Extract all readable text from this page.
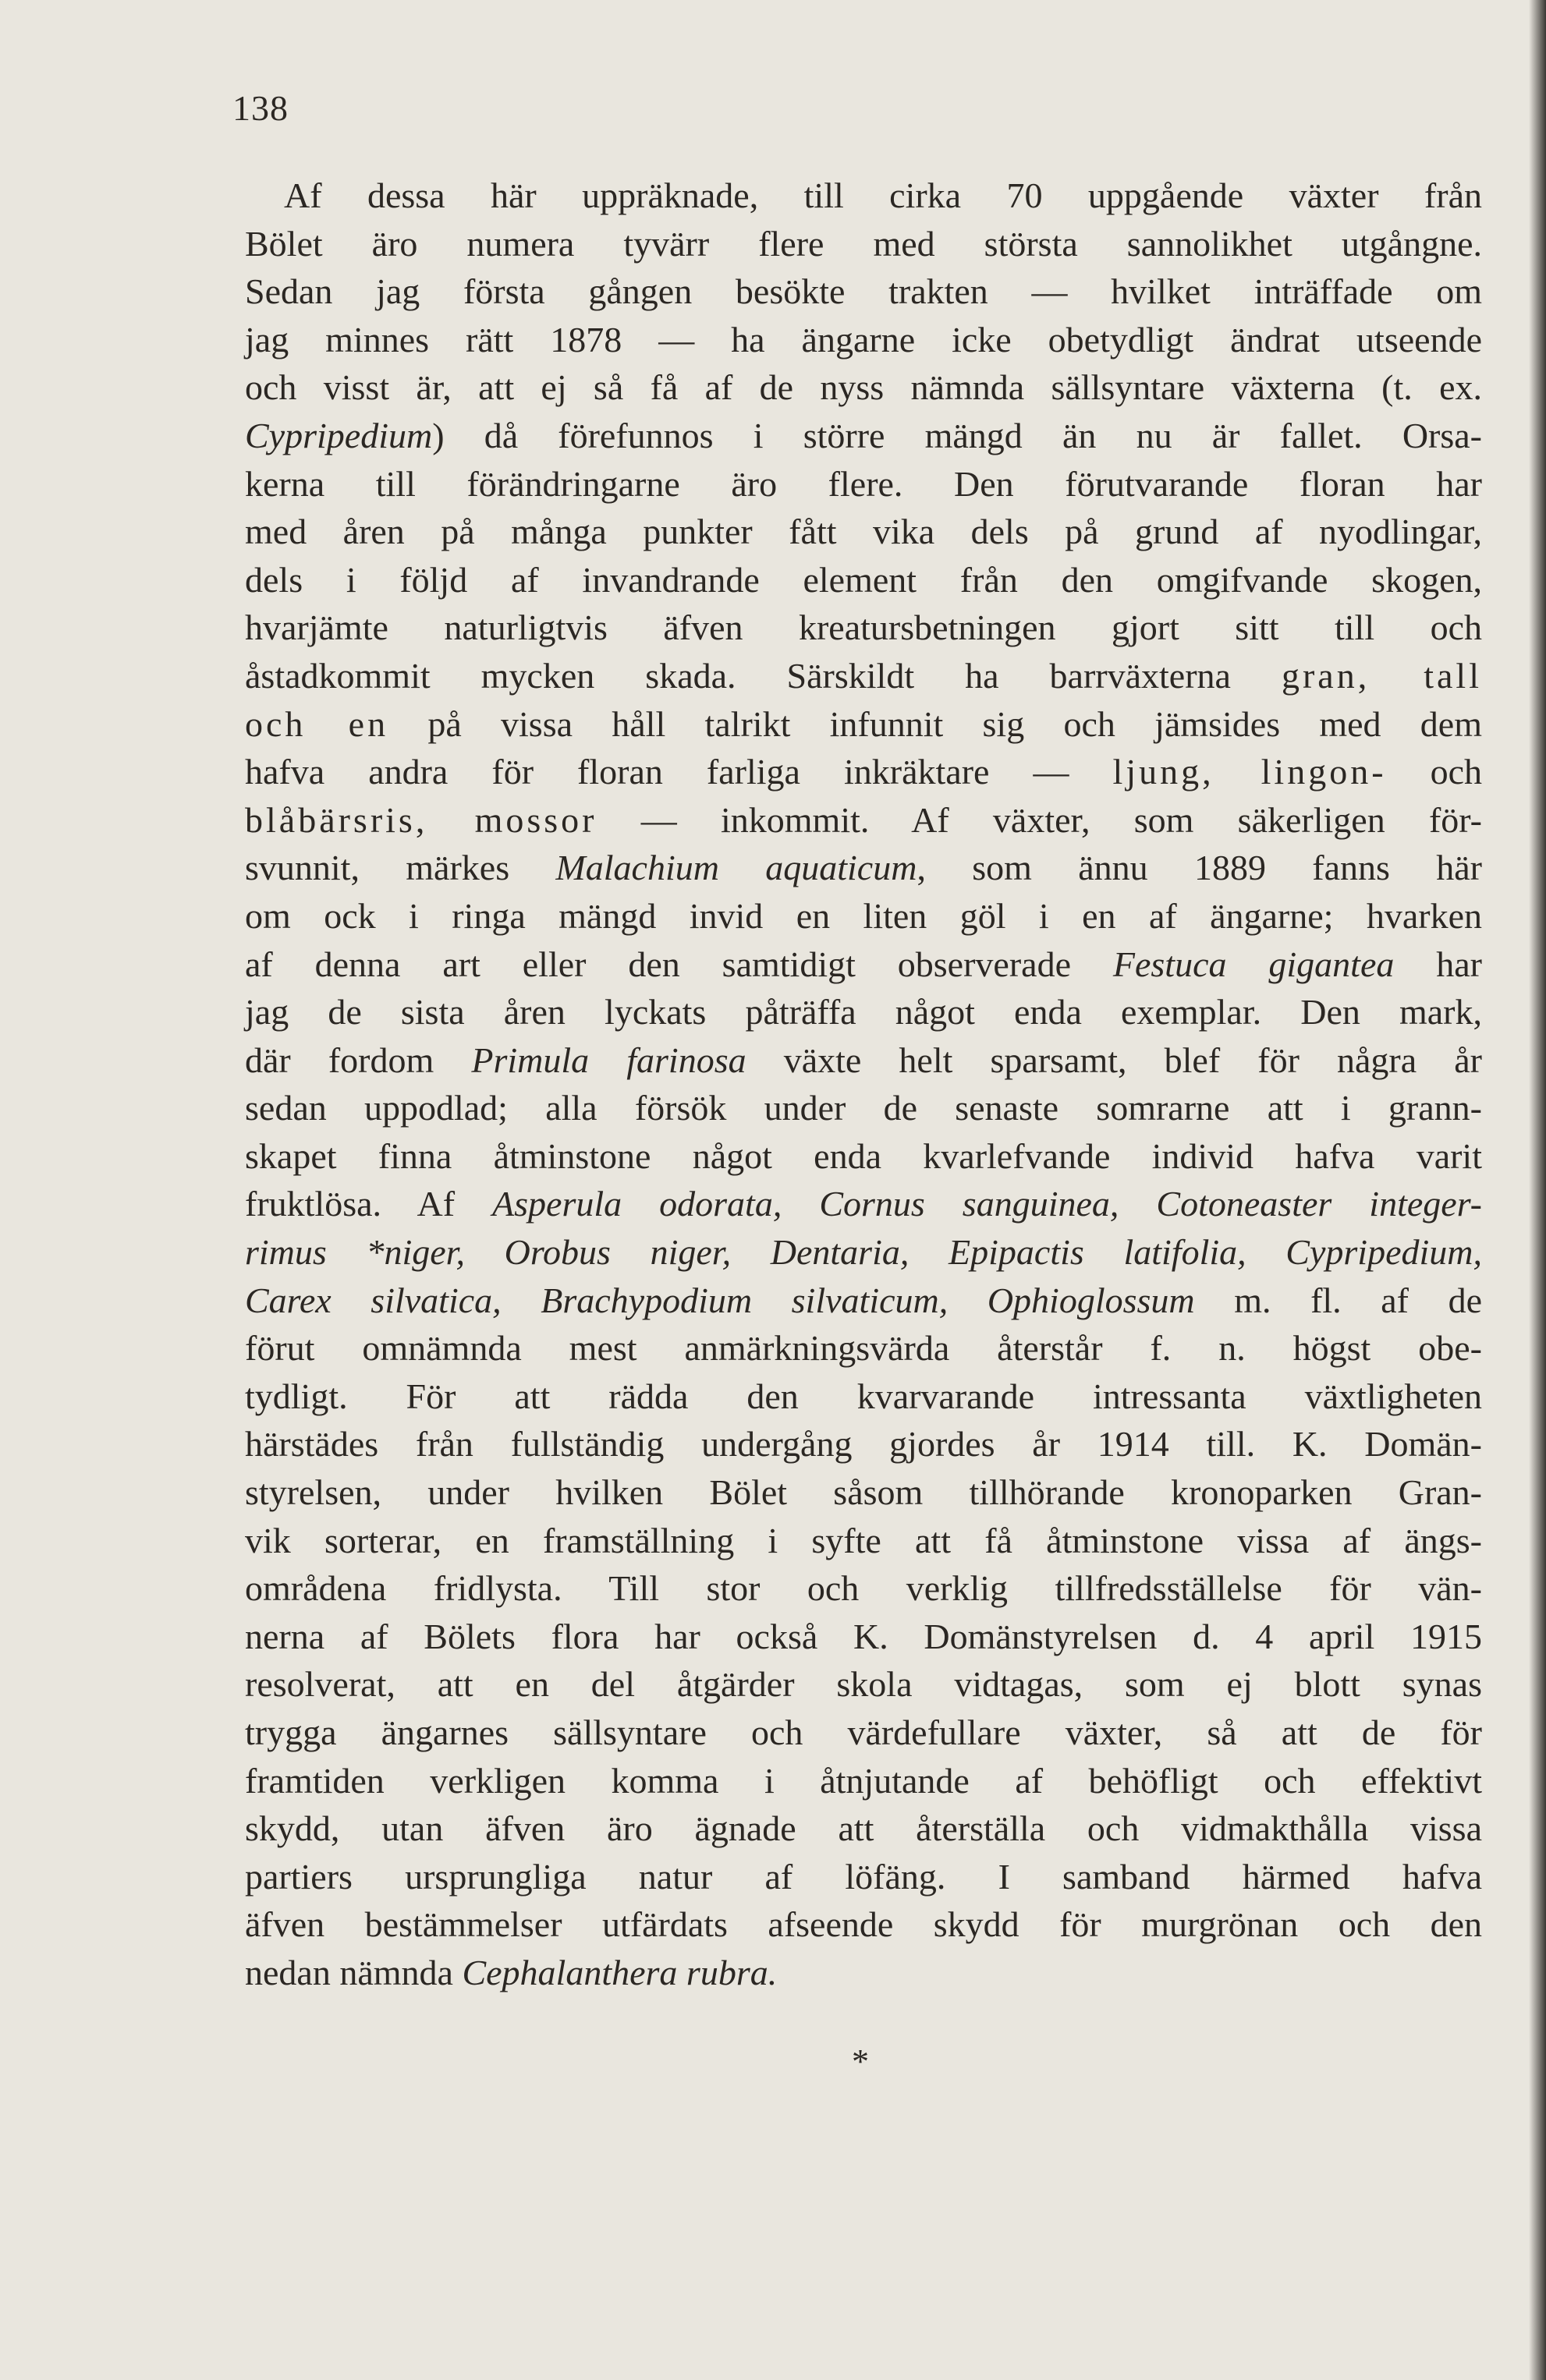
138
Af dessa här uppräknade, till cirka 70 uppgående växter från
Bölet äro numera tyvärr flere med största sannolikhet utgångne.
Sedan jag första gången besökte trakten — hvilket inträffade om
jag minnes rätt 1878 — ha ängarne icke obetydligt ändrat utseende
och visst är, att ej så få af de nyss nämnda sällsyntare växterna (t. ex.
Cypripedium) då förefunnos i större mängd än nu är fallet. Orsa-
kerna till förändringarne äro flere. Den förutvarande floran har
med åren på många punkter fått vika dels på grund af nyodlingar,
dels i följd af invandrande element från den omgifvande skogen,
hvarjämte naturligtvis äfven kreatursbetningen gjort sitt till och
åstadkommit mycken skada. Särskildt ha barrväxterna gran, tall
och en på vissa håll talrikt infunnit sig och jämsides med dem
hafva andra för floran farliga inkräktare — ljung, lingon- och
blåbärsris, mossor — inkommit. Af växter, som säkerligen för-
svunnit, märkes Malachium aquaticum, som ännu 1889 fanns här
om ock i ringa mängd invid en liten göl i en af ängarne; hvarken
af denna art eller den samtidigt observerade Festuca gigantea har
jag de sista åren lyckats påträffa något enda exemplar. Den mark,
där fordom Primula farinosa växte helt sparsamt, blef för några år
sedan uppodlad; alla försök under de senaste somrarne att i grann-
skapet finna åtminstone något enda kvarlefvande individ hafva varit
fruktlösa. Af Asperula odorata, Cornus sanguinea, Cotoneaster integer-
rimus *niger, Orobus niger, Dentaria, Epipactis latifolia, Cypripedium,
Carex silvatica, Brachypodium silvaticum, Ophioglossum m. fl. af de
förut omnämnda mest anmärkningsvärda återstår f. n. högst obe-
tydligt. För att rädda den kvarvarande intressanta växtligheten
härstädes från fullständig undergång gjordes år 1914 till. K. Domän-
styrelsen, under hvilken Bölet såsom tillhörande kronoparken Gran-
vik sorterar, en framställning i syfte att få åtminstone vissa af ängs-
områdena fridlysta. Till stor och verklig tillfredsställelse för vän-
nerna af Bölets flora har också K. Domänstyrelsen d. 4 april 1915
resolverat, att en del åtgärder skola vidtagas, som ej blott synas
trygga ängarnes sällsyntare och värdefullare växter, så att de för
framtiden verkligen komma i åtnjutande af behöfligt och effektivt
skydd, utan äfven äro ägnade att återställa och vidmakthålla vissa
partiers ursprungliga natur af löfäng. I samband härmed hafva
äfven bestämmelser utfärdats afseende skydd för murgrönan och den
nedan nämnda Cephalanthera rubra.
*
